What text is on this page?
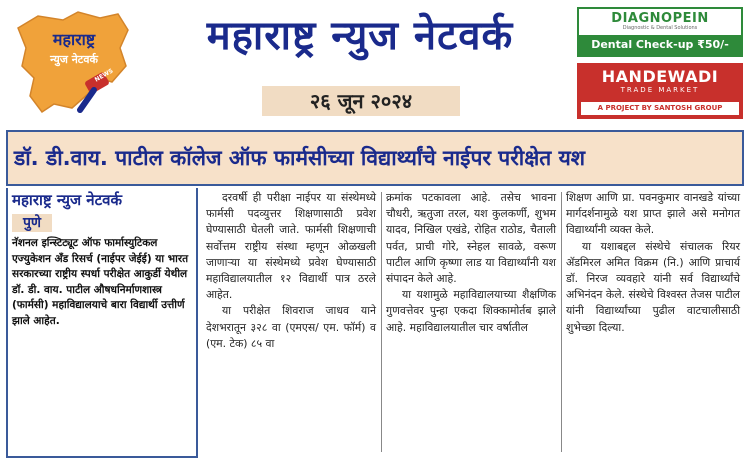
महाराष्ट्र
न्युज नेटवर्क
NEWS
महाराष्ट्र न्युज नेटवर्क
२६ जून २०२४
DIAGNOPEIN
Diagnostic & Dental Solutions
Dental Check-up ₹50/-
HANDEWADI
TRADE MARKET
A PROJECT BY SANTOSH GROUP
डॉ. डी.वाय. पाटील कॉलेज ऑफ फार्मसीच्या विद्यार्थ्यांचे नाईपर परीक्षेत यश
महाराष्ट्र न्युज नेटवर्क
पुणे
नॅशनल इन्स्टिट्यूट ऑफ फार्मास्युटिकल एज्युकेशन अँड रिसर्च (नाईपर जेईई) या भारत सरकारच्या राष्ट्रीय स्पर्धा परीक्षेत आकुर्डी येथील डॉ. डी. वाय. पाटील औषधनिर्माणशास्त्र (फार्मसी) महाविद्यालयाचे बारा विद्यार्थी उत्तीर्ण झाले आहेत.

दरवर्षी ही परीक्षा नाईपर या संस्थेमध्ये फार्मसी पदव्युत्तर शिक्षणासाठी प्रवेश घेण्यासाठी घेतली जाते. फार्मसी शिक्षणाची सर्वोत्तम राष्ट्रीय संस्था म्हणून ओळखली जाणाऱ्या या संस्थेमध्ये प्रवेश घेण्यासाठी महाविद्यालयातील १२ विद्यार्थी पात्र ठरले आहेत.

या परीक्षेत शिवराज जाधव याने देशभरातून ३२८ वा (एमएस/ एम. फॉर्म) व (एम. टेक) ८५ वा

क्रमांक पटकावला आहे. तसेच भावना चौधरी, ऋतुजा तरल, यश कुलकर्णी, शुभम यादव, निखिल एखंडे, रोहित राठोड, चैताली पर्वत, प्राची गोरे, स्नेहल सावळे, वरूण पाटील आणि कृष्णा लाड या विद्यार्थ्यांनी यश संपादन केले आहे.

या यशामुळे महाविद्यालयाच्या शैक्षणिक गुणवत्तेवर पुन्हा एकदा शिक्कामोर्तब झाले आहे. महाविद्यालयातील चार वर्षातील

शिक्षण आणि प्रा. पवनकुमार वानखडे यांच्या मार्गदर्शनामुळे यश प्राप्त झाले असे मनोगत विद्यार्थ्यांनी व्यक्त केले.

या यशाबद्दल संस्थेचे संचालक रियर ॲडमिरल अमित विक्रम (नि.) आणि प्राचार्य डॉ. निरज व्यवहारे यांनी सर्व विद्यार्थ्यांचे अभिनंदन केले. संस्थेचे विश्वस्त तेजस पाटील यांनी विद्यार्थ्यांच्या पुढील वाटचालीसाठी शुभेच्छा दिल्या.
